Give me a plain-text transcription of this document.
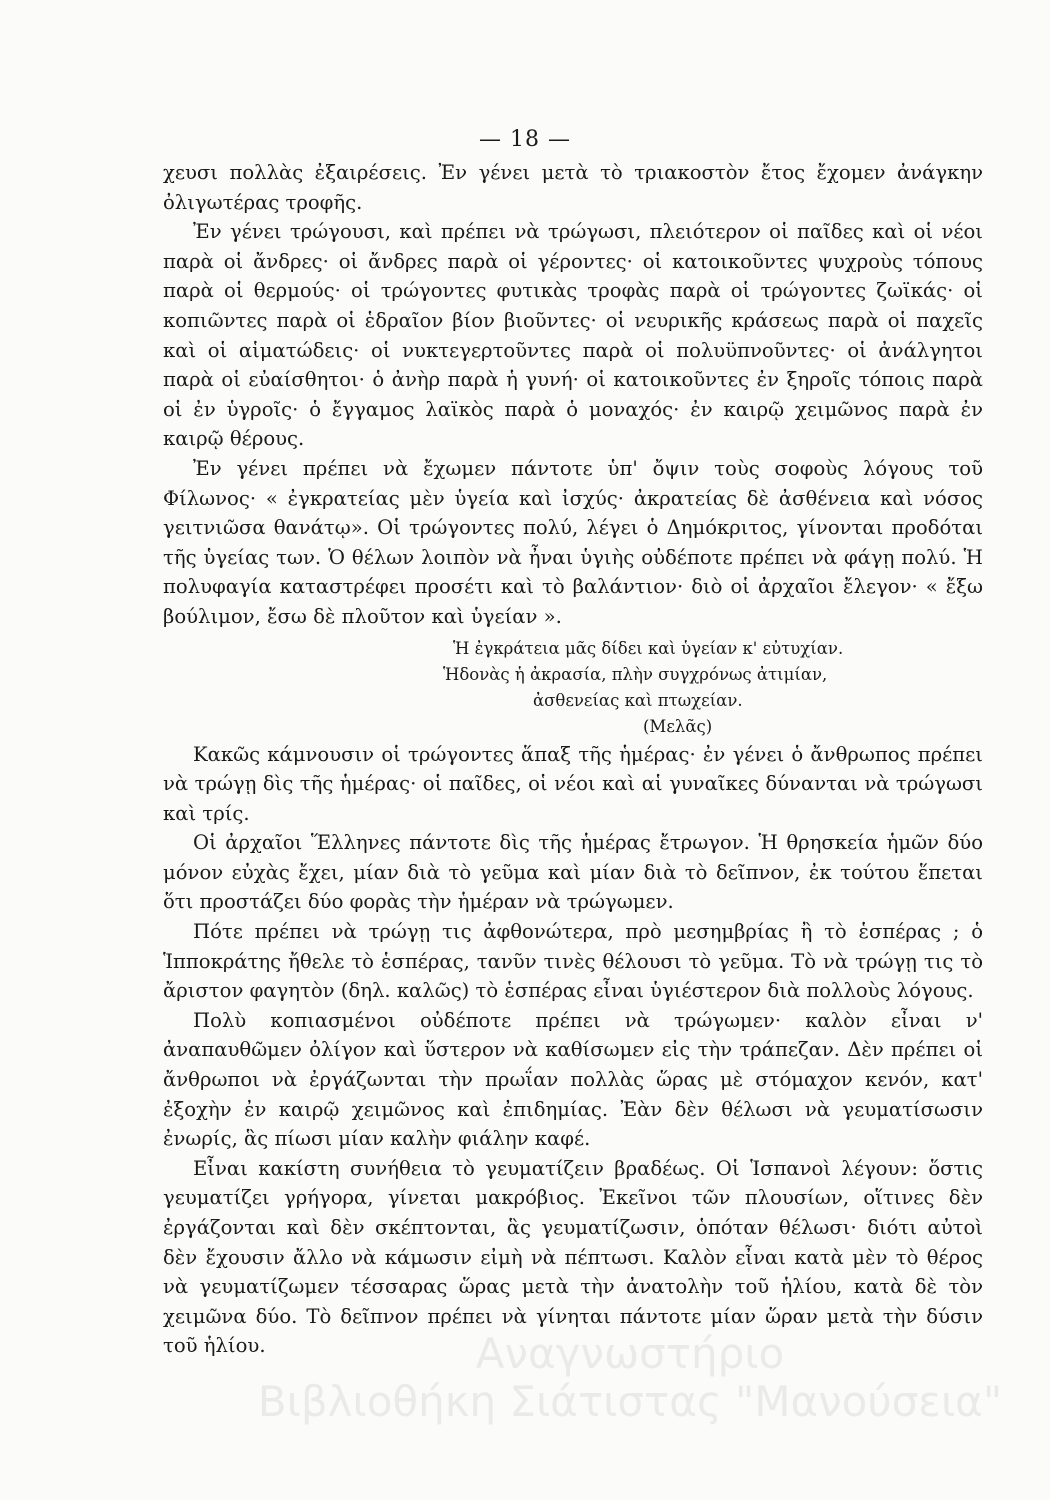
— 18 —

χευσι πολλὰς ἐξαιρέσεις. Ἐν γένει μετὰ τὸ τριακοστὸν ἔτος ἔχομεν ἀνάγκην ὀλιγωτέρας τροφῆς.

Ἐν γένει τρώγουσι, καὶ πρέπει νὰ τρώγωσι, πλειότερον οἱ παῖδες καὶ οἱ νέοι παρὰ οἱ ἄνδρες· οἱ ἄνδρες παρὰ οἱ γέροντες· οἱ κατοικοῦντες ψυχροὺς τόπους παρὰ οἱ θερμούς· οἱ τρώγοντες φυτικὰς τροφὰς παρὰ οἱ τρώγοντες ζωϊκάς· οἱ κοπιῶντες παρὰ οἱ ἑδραῖον βίον βιοῦντες· οἱ νευρικῆς κράσεως παρὰ οἱ παχεῖς καὶ οἱ αἱματώδεις· οἱ νυκτεγερτοῦντες παρὰ οἱ πολυϋπνοῦντες· οἱ ἀνάλγητοι παρὰ οἱ εὐαίσθητοι· ὁ ἀνὴρ παρὰ ἡ γυνή· οἱ κατοικοῦντες ἐν ξηροῖς τόποις παρὰ οἱ ἐν ὑγροῖς· ὁ ἔγγαμος λαϊκὸς παρὰ ὁ μοναχός· ἐν καιρῷ χειμῶνος παρὰ ἐν καιρῷ θέρους.

Ἐν γένει πρέπει νὰ ἔχωμεν πάντοτε ὑπ' ὄψιν τοὺς σοφοὺς λόγους τοῦ Φίλωνος· « ἐγκρατείας μὲν ὑγεία καὶ ἰσχύς· ἀκρατείας δὲ ἀσθένεια καὶ νόσος γειτνιῶσα θανάτῳ». Οἱ τρώγοντες πολύ, λέγει ὁ Δημόκριτος, γίνονται προδόται τῆς ὑγείας των. Ὁ θέλων λοιπὸν νὰ ἦναι ὑγιὴς οὐδέποτε πρέπει νὰ φάγῃ πολύ. Ἡ πολυφαγία καταστρέφει προσέτι καὶ τὸ βαλάντιον· διὸ οἱ ἀρχαῖοι ἔλεγον· « ἔξω βούλιμον, ἔσω δὲ πλοῦτον καὶ ὑγείαν ».

Ἡ ἐγκράτεια μᾶς δίδει καὶ ὑγείαν κ' εὐτυχίαν.
Ἡδονὰς ἡ ἀκρασία, πλὴν συγχρόνως ἀτιμίαν,
ἀσθενείας καὶ πτωχείαν.
(Μελᾶς)

Κακῶς κάμνουσιν οἱ τρώγοντες ἅπαξ τῆς ἡμέρας· ἐν γένει ὁ ἄνθρωπος πρέπει νὰ τρώγῃ δὶς τῆς ἡμέρας· οἱ παῖδες, οἱ νέοι καὶ αἱ γυναῖκες δύνανται νὰ τρώγωσι καὶ τρίς.

Οἱ ἀρχαῖοι Ἕλληνες πάντοτε δὶς τῆς ἡμέρας ἔτρωγον. Ἡ θρησκεία ἡμῶν δύο μόνον εὐχὰς ἔχει, μίαν διὰ τὸ γεῦμα καὶ μίαν διὰ τὸ δεῖπνον, ἐκ τούτου ἕπεται ὅτι προστάζει δύο φορὰς τὴν ἡμέραν νὰ τρώγωμεν.

Πότε πρέπει νὰ τρώγῃ τις ἀφθονώτερα, πρὸ μεσημβρίας ἢ τὸ ἑσπέρας ; ὁ Ἱπποκράτης ἤθελε τὸ ἑσπέρας, τανῦν τινὲς θέλουσι τὸ γεῦμα. Τὸ νὰ τρώγῃ τις τὸ ἄριστον φαγητὸν (δηλ. καλῶς) τὸ ἑσπέρας εἶναι ὑγιέστερον διὰ πολλοὺς λόγους.

Πολὺ κοπιασμένοι οὐδέποτε πρέπει νὰ τρώγωμεν· καλὸν εἶναι ν' ἀναπαυθῶμεν ὀλίγον καὶ ὕστερον νὰ καθίσωμεν εἰς τὴν τράπεζαν. Δὲν πρέπει οἱ ἄνθρωποι νὰ ἐργάζωνται τὴν πρωΐαν πολλὰς ὥρας μὲ στόμαχον κενόν, κατ' ἐξοχὴν ἐν καιρῷ χειμῶνος καὶ ἐπιδημίας. Ἐὰν δὲν θέλωσι νὰ γευματίσωσιν ἐνωρίς, ἃς πίωσι μίαν καλὴν φιάλην καφέ.

Εἶναι κακίστη συνήθεια τὸ γευματίζειν βραδέως. Οἱ Ἱσπανοὶ λέγουν: ὅστις γευματίζει γρήγορα, γίνεται μακρόβιος. Ἐκεῖνοι τῶν πλουσίων, οἵτινες δὲν ἐργάζονται καὶ δὲν σκέπτονται, ἃς γευματίζωσιν, ὁπόταν θέλωσι· διότι αὐτοὶ δὲν ἔχουσιν ἄλλο νὰ κάμωσιν εἰμὴ νὰ πέπτωσι. Καλὸν εἶναι κατὰ μὲν τὸ θέρος νὰ γευματίζωμεν τέσσαρας ὥρας μετὰ τὴν ἀνατολὴν τοῦ ἡλίου, κατὰ δὲ τὸν χειμῶνα δύο. Τὸ δεῖπνον πρέπει νὰ γίνηται πάντοτε μίαν ὥραν μετὰ τὴν δύσιν τοῦ ἡλίου.	Αναγνωστήριο
Βιβλιοθήκη Σιάτιστας "Μανούσεια"
